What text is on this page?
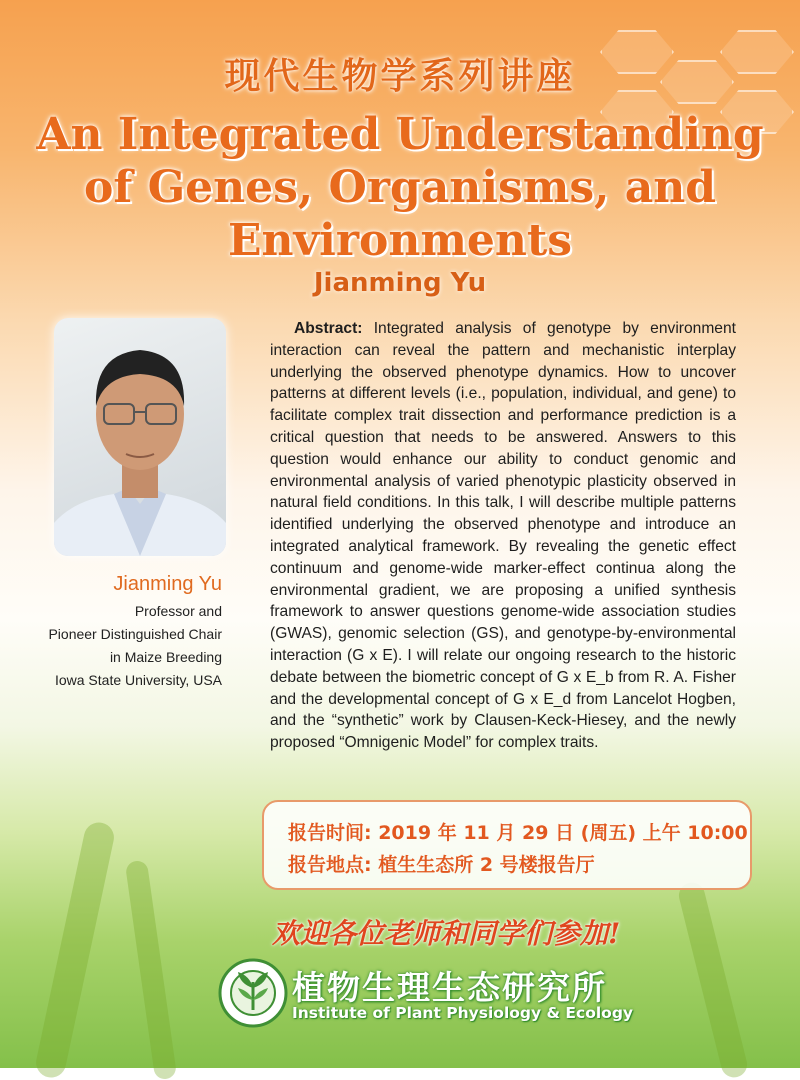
现代生物学系列讲座
An Integrated Understanding
of Genes, Organisms, and
Environments
Jianming Yu
Jianming Yu
Professor and
Pioneer Distinguished Chair
in Maize Breeding
Iowa State University, USA

Abstract: Integrated analysis of genotype by environment interaction can reveal the pattern and mechanistic interplay underlying the observed phenotype dynamics. How to uncover patterns at different levels (i.e., population, individual, and gene) to facilitate complex trait dissection and performance prediction is a critical question that needs to be answered. Answers to this question would enhance our ability to conduct genomic and environmental analysis of varied phenotypic plasticity observed in natural field conditions. In this talk, I will describe multiple patterns identified underlying the observed phenotype and introduce an integrated analytical framework. By revealing the genetic effect continuum and genome-wide marker-effect continua along the environmental gradient, we are proposing a unified synthesis framework to answer questions genome-wide association studies (GWAS), genomic selection (GS), and genotype-by-environmental interaction (G x E). I will relate our ongoing research to the historic debate between the biometric concept of G x E_b from R. A. Fisher and the developmental concept of G x E_d from Lancelot Hogben, and the “synthetic” work by Clausen-Keck-Hiesey, and the newly proposed “Omnigenic Model” for complex traits.

报告时间: 2019 年 11 月 29 日 (周五) 上午 10:00
报告地点: 植生生态所 2 号楼报告厅
欢迎各位老师和同学们参加!
植物生理生态研究所
Institute of Plant Physiology & Ecology
